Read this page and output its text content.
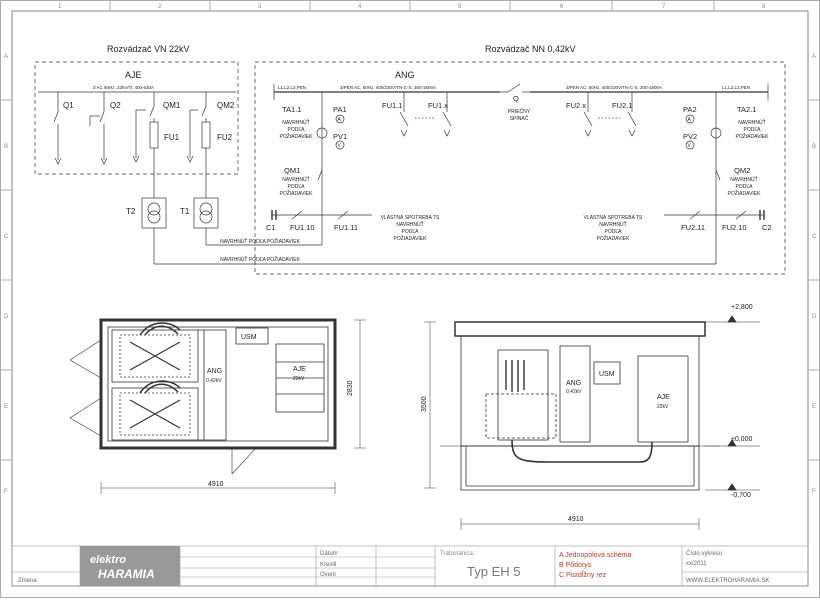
1	2	3	4	5	6	7	8
A
B
C
D
E
F
A
B
C
D
E
F
Rozvádzač VN 22kV	Rozvádzač NN 0,42kV
AJE
3 AC 50Hz, 22kV/IT, 400-630A
Q1	Q2	QM1	QM2
FU1	FU2
T2	T1
ANG
L1,L2,L3,PEN	3/PEN AC, 50Hz, 400/230V/TN-C-S, 300-1600A	3/PEN AC, 50Hz, 400/230V/TN-C-S, 300-1600A	L1,L2,L3,PEN
A
V
A
V
TA1.1	PA1
PV1
FU1.1	FU1.x
Q
FU2.x	FU2.1	PA2
PV2
TA2.1
QM1	QM2
C1 FU1.10	FU1.11	FU2.11 FU2.10 C2
PRIEČNY
SPÍNAČ
NAVRHNÚŤ
PODĽA
POŽIADAVIEK
NAVRHNÚŤ
PODĽA
POŽIADAVIEK
NAVRHNÚŤ
PODĽA
POŽIADAVIEK
NAVRHNÚŤ
PODĽA
POŽIADAVIEK
VLASTNÁ SPOTREBA TS
NAVRHNÚŤ
PODĽA
POŽIADAVIEK
VLASTNÁ SPOTREBA TS
NAVRHNÚŤ
PODĽA
POŽIADAVIEK
NAVRHNÚŤ PODĽA POŽIADAVIEK
NAVRHNÚŤ PODĽA POŽIADAVIEK
USM
ANG
0,42kV
AJE
22kV
4910
2830	ANG
0,42kV
USM
AJE
22kV
3500
4910
+2,800
±0,000
-0,700
elektro
HARAMIA
Zmena
Dátum
Kreslil
Overil
Trafostanica:
Typ EH 5
A Jednopólová schéma
B Pôdorys
C Pozdĺžny rez
Číslo výkresu
xx/2011
WWW.ELEKTROHARAMIA.SK
